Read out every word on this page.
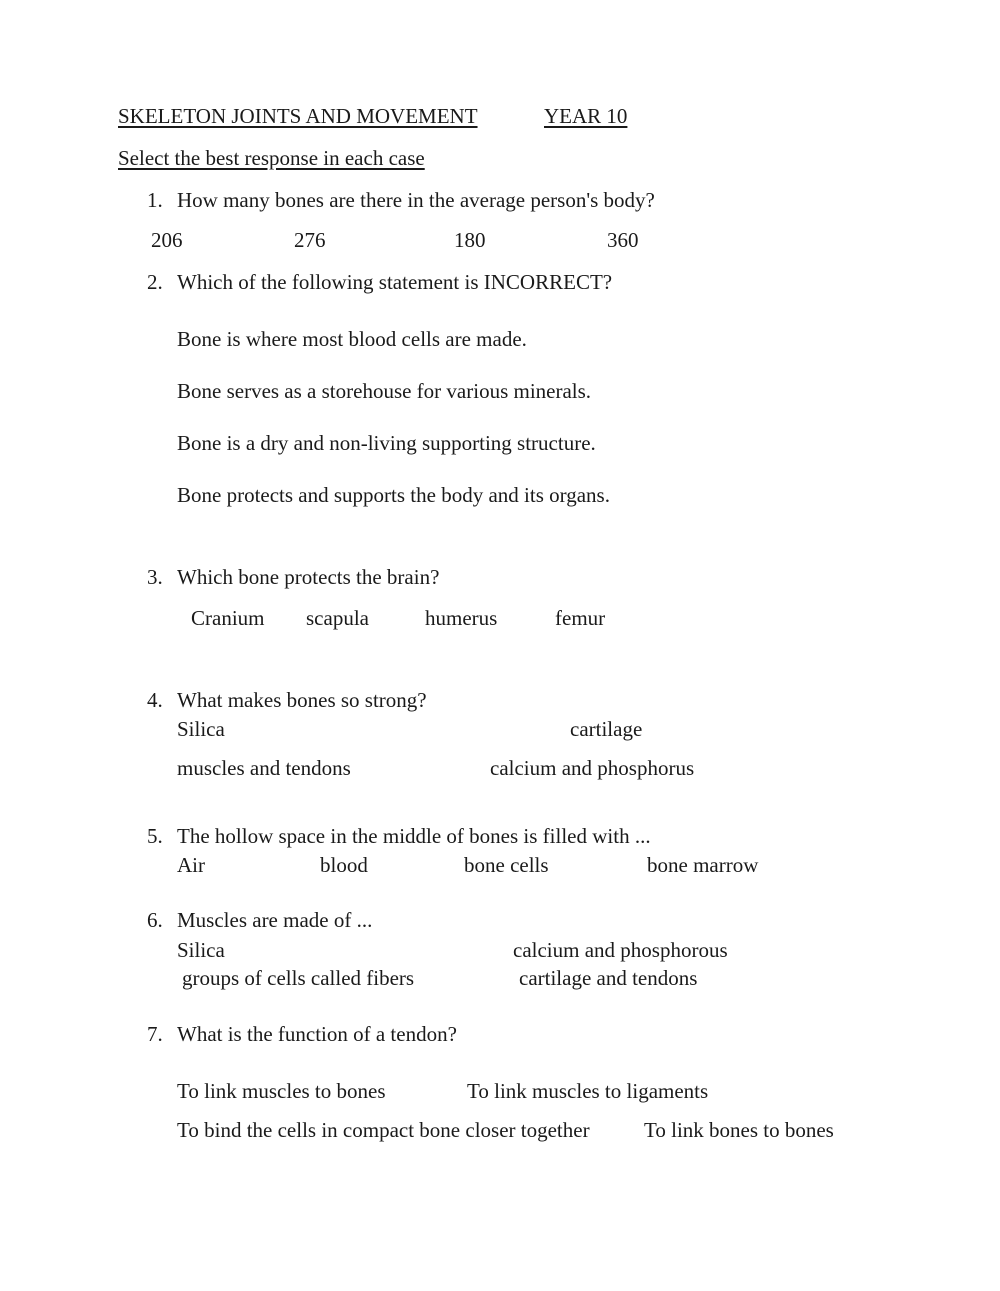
SKELETON JOINTS AND MOVEMENT	YEAR 10
Select the best response in each case
1. How many bones are there in the average person's body?
206	276	180	360
2. Which of the following statement is INCORRECT?
Bone is where most blood cells are made.
Bone serves as a storehouse for various minerals.
Bone is a dry and non-living supporting structure.
Bone protects and supports the body and its organs.
3. Which bone protects the brain?
Cranium scapula	humerus	femur
4. What makes bones so strong?
Silica	cartilage
muscles and tendons	calcium and phosphorus
5. The hollow space in the middle of bones is filled with ...
Air	blood	bone cells	bone marrow
6. Muscles are made of ...
Silica	calcium and phosphorous
groups of cells called fibers	cartilage and tendons
7. What is the function of a tendon?
To link muscles to bones	To link muscles to ligaments
To bind the cells in compact bone closer together	To link bones to bones
